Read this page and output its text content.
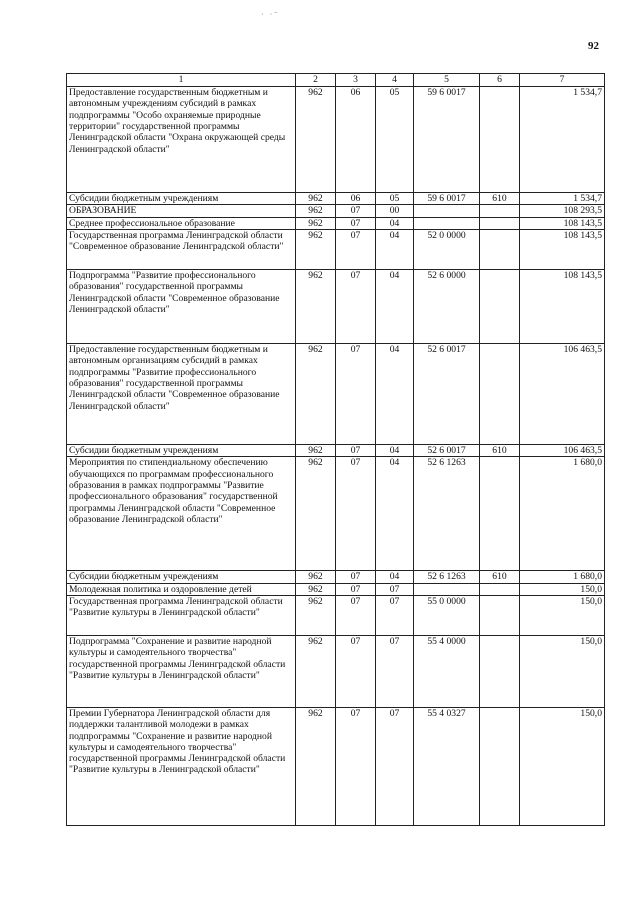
· ·ˉ
92
1	2	3	4	5	6	7
Предоставление государственным бюджетным и автономным учреждениям субсидий в рамках подпрограммы "Особо охраняемые природные территории" государственной программы Ленинградской области "Охрана окружающей среды Ленинградской области"	962	06	05	59 6 0017		1 534,7
Субсидии бюджетным учреждениям	962	06	05	59 6 0017	610	1 534,7
ОБРАЗОВАНИЕ	962	07	00			108 293,5
Среднее профессиональное образование	962	07	04			108 143,5
Государственная программа Ленинградской области "Современное образование Ленинградской области"	962	07	04	52 0 0000		108 143,5
Подпрограмма "Развитие профессионального образования" государственной программы Ленинградской области "Современное образование Ленинградской области"	962	07	04	52 6 0000		108 143,5
Предоставление государственным бюджетным и автономным организациям субсидий в рамках подпрограммы "Развитие профессионального образования" государственной программы Ленинградской области "Современное образование Ленинградской области"	962	07	04	52 6 0017		106 463,5
Субсидии бюджетным учреждениям	962	07	04	52 6 0017	610	106 463,5
Мероприятия по стипендиальному обеспечению обучающихся по программам профессионального образования в рамках подпрограммы "Развитие профессионального образования" государственной программы Ленинградской области "Современное образование Ленинградской области"	962	07	04	52 6 1263		1 680,0
Субсидии бюджетным учреждениям	962	07	04	52 6 1263	610	1 680,0
Молодежная политика и оздоровление детей	962	07	07			150,0
Государственная программа Ленинградской области "Развитие культуры в Ленинградской области"	962	07	07	55 0 0000		150,0
Подпрограмма "Сохранение и развитие народной культуры и самодеятельного творчества" государственной программы Ленинградской области "Развитие культуры в Ленинградской области"	962	07	07	55 4 0000		150,0
Премии Губернатора Ленинградской области для поддержки талантливой молодежи в рамках подпрограммы "Сохранение и развитие народной культуры и самодеятельного творчества" государственной программы Ленинградской области "Развитие культуры в Ленинградской области"	962	07	07	55 4 0327		150,0
